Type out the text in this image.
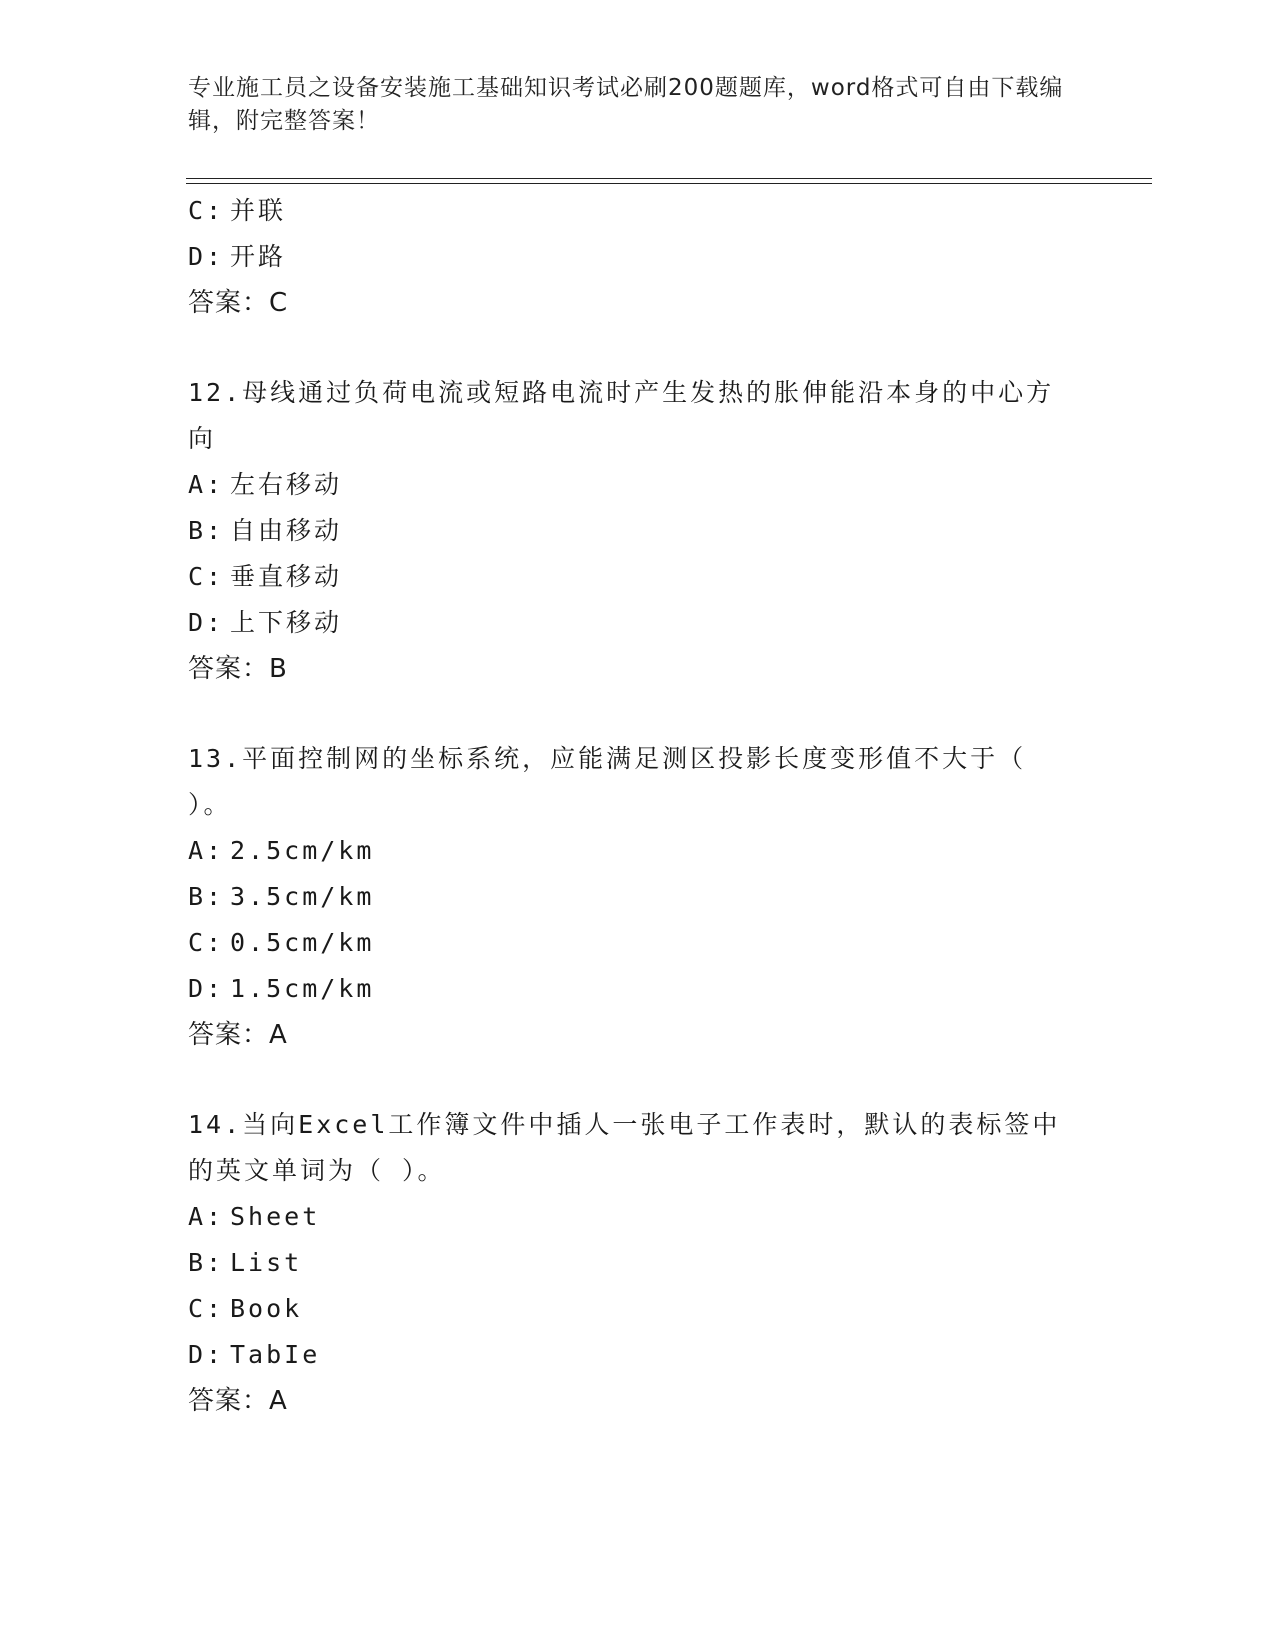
专业施工员之设备安装施工基础知识考试必刷200题题库，word格式可自由下载编辑，附完整答案！
C: 并联
D: 开路
答案：C
12.母线通过负荷电流或短路电流时产生发热的胀伸能沿本身的中心方
向
A: 左右移动
B: 自由移动
C: 垂直移动
D: 上下移动
答案：B
13.平面控制网的坐标系统，应能满足测区投影长度变形值不大于（
）。
A: 2.5cm/km
B: 3.5cm/km
C: 0.5cm/km
D: 1.5cm/km
答案：A
14.当向Excel工作簿文件中插人一张电子工作表时，默认的表标签中
的英文单词为（ ）。
A: Sheet
B: List
C: Book
D: TabIe
答案：A
